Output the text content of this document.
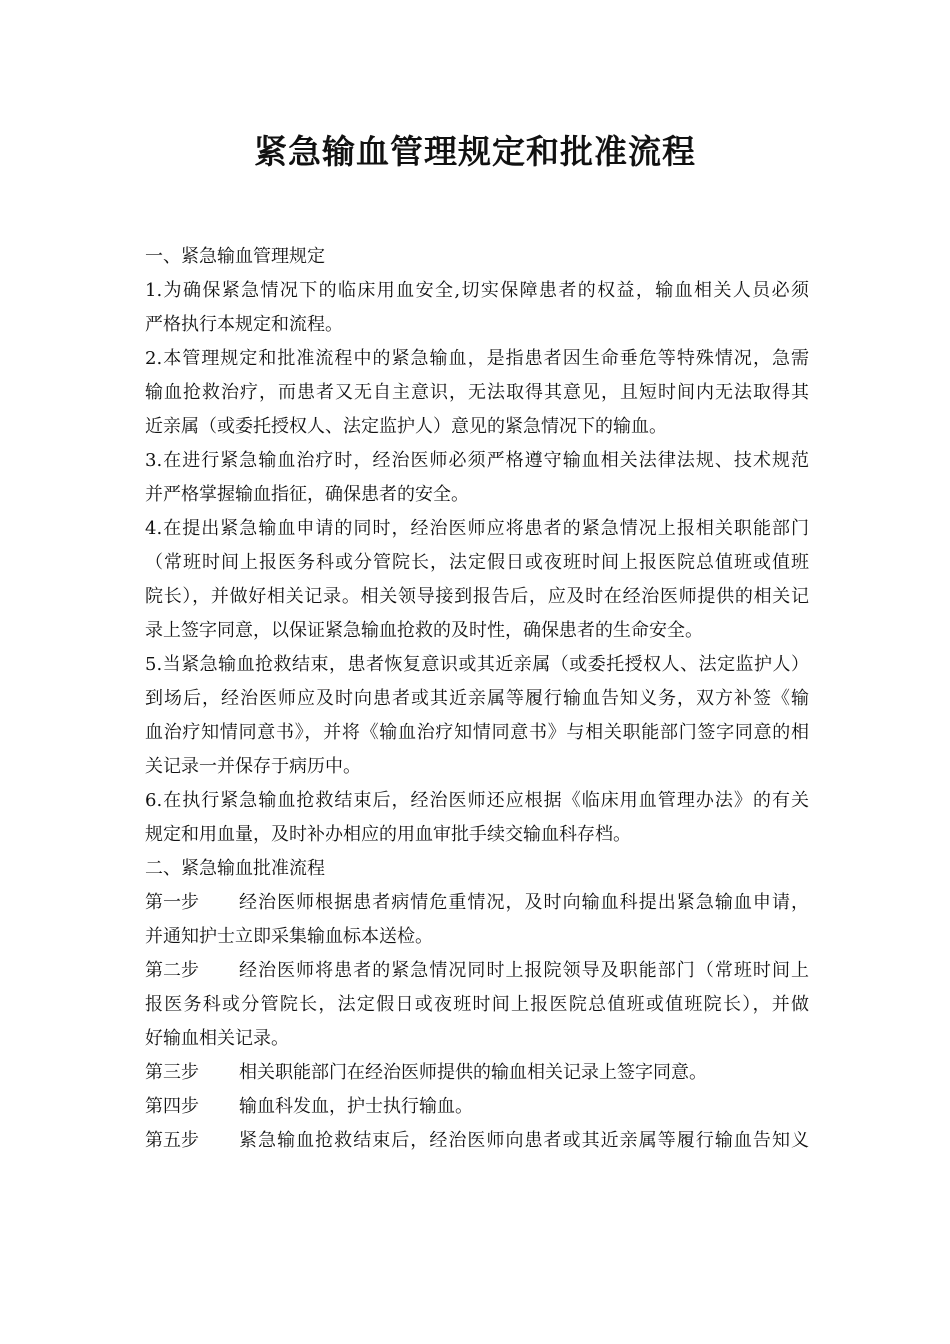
紧急输血管理规定和批准流程
一、紧急输血管理规定
1.为确保紧急情况下的临床用血安全,切实保障患者的权益，输血相关人员必须
严格执行本规定和流程。
2.本管理规定和批准流程中的紧急输血，是指患者因生命垂危等特殊情况，急需
输血抢救治疗，而患者又无自主意识，无法取得其意见，且短时间内无法取得其
近亲属（或委托授权人、法定监护人）意见的紧急情况下的输血。
3.在进行紧急输血治疗时，经治医师必须严格遵守输血相关法律法规、技术规范
并严格掌握输血指征，确保患者的安全。
4.在提出紧急输血申请的同时，经治医师应将患者的紧急情况上报相关职能部门
（常班时间上报医务科或分管院长，法定假日或夜班时间上报医院总值班或值班
院长），并做好相关记录。相关领导接到报告后，应及时在经治医师提供的相关记
录上签字同意，以保证紧急输血抢救的及时性，确保患者的生命安全。
5.当紧急输血抢救结束，患者恢复意识或其近亲属（或委托授权人、法定监护人）
到场后，经治医师应及时向患者或其近亲属等履行输血告知义务，双方补签《输
血治疗知情同意书》，并将《输血治疗知情同意书》与相关职能部门签字同意的相
关记录一并保存于病历中。
6.在执行紧急输血抢救结束后，经治医师还应根据《临床用血管理办法》的有关
规定和用血量，及时补办相应的用血审批手续交输血科存档。
二、紧急输血批准流程
第一步	经治医师根据患者病情危重情况，及时向输血科提出紧急输血申请，
并通知护士立即采集输血标本送检。
第二步	经治医师将患者的紧急情况同时上报院领导及职能部门（常班时间上
报医务科或分管院长，法定假日或夜班时间上报医院总值班或值班院长），并做
好输血相关记录。
第三步	相关职能部门在经治医师提供的输血相关记录上签字同意。
第四步	输血科发血，护士执行输血。
第五步	紧急输血抢救结束后，经治医师向患者或其近亲属等履行输血告知义
